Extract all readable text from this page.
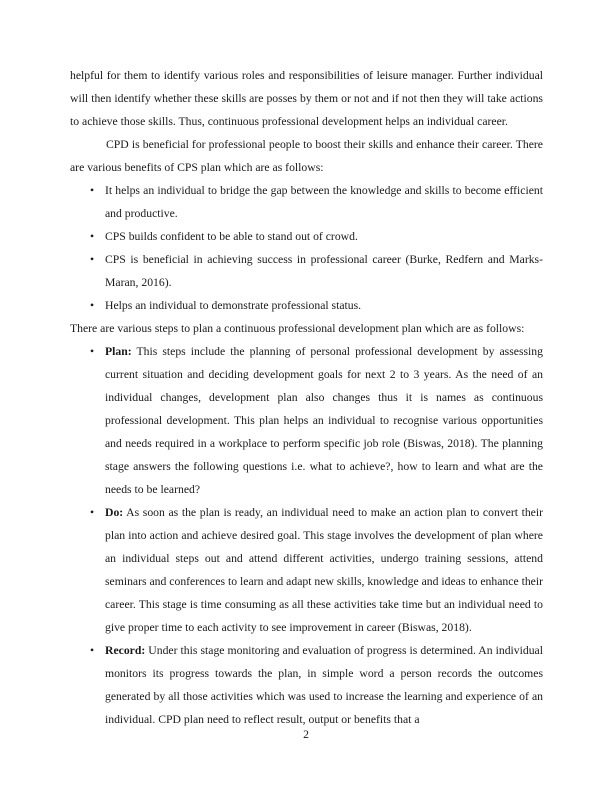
helpful for them to identify various roles and responsibilities of leisure manager. Further individual will then identify whether these skills are posses by them or not and if not then they will take actions to achieve those skills. Thus, continuous professional development helps an individual career.

CPD is beneficial for professional people to boost their skills and enhance their career. There are various benefits of CPS plan which are as follows:

• It helps an individual to bridge the gap between the knowledge and skills to become efficient and productive.
• CPS builds confident to be able to stand out of crowd.
• CPS is beneficial in achieving success in professional career (Burke, Redfern and Marks-Maran, 2016).
• Helps an individual to demonstrate professional status.

There are various steps to plan a continuous professional development plan which are as follows:

• Plan: This steps include the planning of personal professional development by assessing current situation and deciding development goals for next 2 to 3 years. As the need of an individual changes, development plan also changes thus it is names as continuous professional development. This plan helps an individual to recognise various opportunities and needs required in a workplace to perform specific job role (Biswas, 2018). The planning stage answers the following questions i.e. what to achieve?, how to learn and what are the needs to be learned?
• Do: As soon as the plan is ready, an individual need to make an action plan to convert their plan into action and achieve desired goal. This stage involves the development of plan where an individual steps out and attend different activities, undergo training sessions, attend seminars and conferences to learn and adapt new skills, knowledge and ideas to enhance their career. This stage is time consuming as all these activities take time but an individual need to give proper time to each activity to see improvement in career (Biswas, 2018).
• Record: Under this stage monitoring and evaluation of progress is determined. An individual monitors its progress towards the plan, in simple word a person records the outcomes generated by all those activities which was used to increase the learning and experience of an individual. CPD plan need to reflect result, output or benefits that a
2
